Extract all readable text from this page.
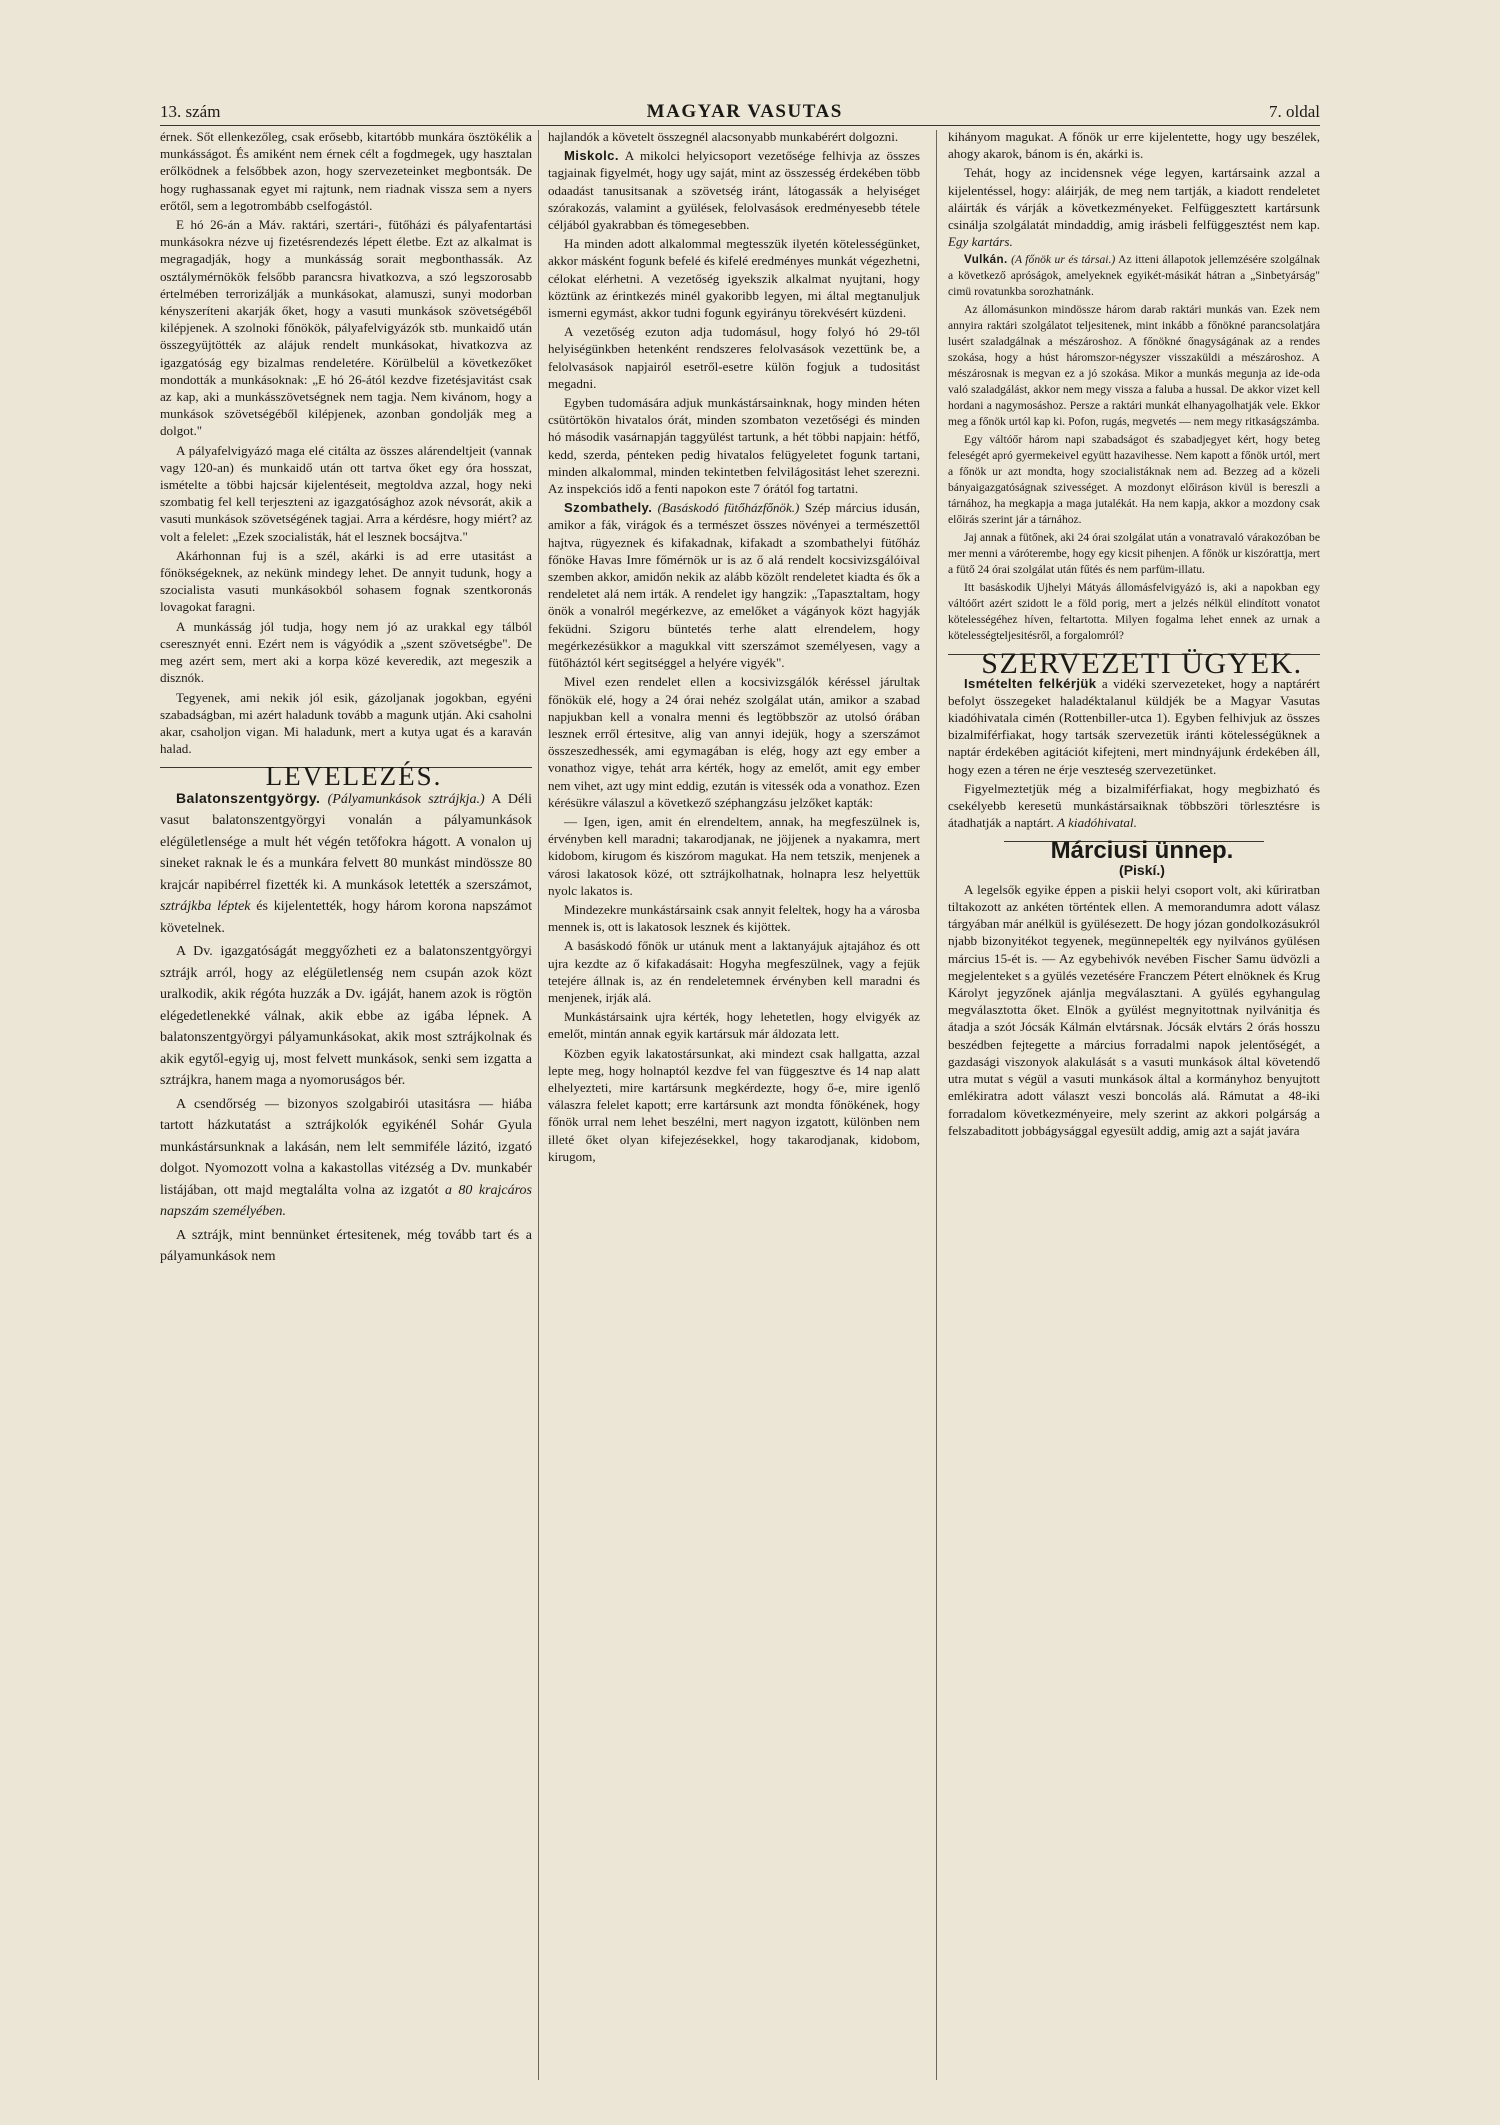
13. szám	MAGYAR VASUTAS	7. oldal

érnek. Sőt ellenkezőleg, csak erősebb, kitartóbb munkára ösztökélik a munkásságot. És amiként nem érnek célt a fogdmegek, ugy hasztalan erőlködnek a felsőbbek azon, hogy szervezeteinket megbontsák. De hogy rughassanak egyet mi rajtunk, nem riadnak vissza sem a nyers erőtől, sem a legotrombább cselfogástól.

E hó 26-án a Máv. raktári, szertári-, fütőházi és pályafentartási munkásokra nézve uj fizetésrendezés lépett életbe. Ezt az alkalmat is megragadják, hogy a munkásság sorait megbonthassák. Az osztálymérnökök felsőbb parancsra hivatkozva, a szó legszorosabb értelmében terrorizálják a munkásokat, alamuszi, sunyi modorban kényszeríteni akarják őket, hogy a vasuti munkások szövetségéből kilépjenek. A szolnoki főnökök, pályafelvigyázók stb. munkaidő után összegyüjtötték az alájuk rendelt munkásokat, hivatkozva az igazgatóság egy bizalmas rendeletére. Körülbelül a következőket mondották a munkásoknak: „E hó 26-ától kezdve fizetésjavitást csak az kap, aki a munkásszövetségnek nem tagja. Nem kivánom, hogy a munkások szövetségéből kilépjenek, azonban gondolják meg a dolgot."

A pályafelvigyázó maga elé citálta az összes alárendeltjeit (vannak vagy 120-an) és munkaidő után ott tartva őket egy óra hosszat, ismételte a többi hajcsár kijelentéseit, megtoldva azzal, hogy neki szombatig fel kell terjeszteni az igazgatósághoz azok névsorát, akik a vasuti munkások szövetségének tagjai. Arra a kérdésre, hogy miért? az volt a felelet: „Ezek szocialisták, hát el lesznek bocsájtva."

Akárhonnan fuj is a szél, akárki is ad erre utasitást a főnökségeknek, az nekünk mindegy lehet. De annyit tudunk, hogy a szocialista vasuti munkásokból sohasem fognak szentkoronás lovagokat faragni.

A munkásság jól tudja, hogy nem jó az urakkal egy tálból cseresznyét enni. Ezért nem is vágyódik a „szent szövetségbe". De meg azért sem, mert aki a korpa közé keveredik, azt megeszik a disznók.

Tegyenek, ami nekik jól esik, gázoljanak jogokban, egyéni szabadságban, mi azért haladunk tovább a magunk utján. Aki csaholni akar, csaholjon vigan. Mi haladunk, mert a kutya ugat és a karaván halad.

LEVELEZÉS.

Balatonszentgyörgy. (Pályamunkások sztrájkja.) A Déli vasut balatonszentgyörgyi vonalán a pályamunkások elégületlensége a mult hét végén tetőfokra hágott. A vonalon uj sineket raknak le és a munkára felvett 80 munkást mindössze 80 krajcár napibérrel fizették ki. A munkások letették a szerszámot, sztrájkba léptek és kijelentették, hogy három korona napszámot követelnek.

A Dv. igazgatóságát meggyőzheti ez a balatonszentgyörgyi sztrájk arról, hogy az elégületlenség nem csupán azok közt uralkodik, akik régóta huzzák a Dv. igáját, hanem azok is rögtön elégedetlenekké válnak, akik ebbe az igába lépnek. A balatonszentgyörgyi pályamunkásokat, akik most sztrájkolnak és akik egytől-egyig uj, most felvett munkások, senki sem izgatta a sztrájkra, hanem maga a nyomoruságos bér.

A csendőrség — bizonyos szolgabirói utasitásra — hiába tartott házkutatást a sztrájkolók egyikénél Sohár Gyula munkástársunknak a lakásán, nem lelt semmiféle lázitó, izgató dolgot. Nyomozott volna a kakastollas vitézség a Dv. munkabér listájában, ott majd megtalálta volna az izgatót a 80 krajcáros napszám személyében.

A sztrájk, mint bennünket értesitenek, még tovább tart és a pályamunkások nem

hajlandók a követelt összegnél alacsonyabb munkabérért dolgozni.

Miskolc. A mikolci helyicsoport vezetősége felhivja az összes tagjainak figyelmét, hogy ugy saját, mint az összesség érdekében több odaadást tanusitsanak a szövetség iránt, látogassák a helyiséget szórakozás, valamint a gyülések, felolvasások eredményesebb tétele céljából gyakrabban és tömegesebben.

Ha minden adott alkalommal megtesszük ilyetén kötelességünket, akkor másként fogunk befelé és kifelé eredményes munkát végezhetni, célokat elérhetni. A vezetőség igyekszik alkalmat nyujtani, hogy köztünk az érintkezés minél gyakoribb legyen, mi által megtanuljuk ismerni egymást, akkor tudni fogunk egyirányu törekvésért küzdeni.

A vezetőség ezuton adja tudomásul, hogy folyó hó 29-től helyiségünkben hetenként rendszeres felolvasások vezettünk be, a felolvasások napjairól esetről-esetre külön fogjuk a tudositást megadni.

Egyben tudomására adjuk munkástársainknak, hogy minden héten csütörtökön hivatalos órát, minden szombaton vezetőségi és minden hó második vasárnapján taggyülést tartunk, a hét többi napjain: hétfő, kedd, szerda, pénteken pedig hivatalos felügyeletet fogunk tartani, minden alkalommal, minden tekintetben felvilágositást lehet szerezni. Az inspekciós idő a fenti napokon este 7 órától fog tartatni.

Szombathely. (Basáskodó fütőházfőnök.) Szép március idusán, amikor a fák, virágok és a természet összes növényei a természettől hajtva, rügyeznek és kifakadnak, kifakadt a szombathelyi fütőház főnöke Havas Imre főmérnök ur is az ő alá rendelt kocsivizsgálóival szemben akkor, amidőn nekik az alább közölt rendeletet kiadta és ők a rendeletet alá nem irták. A rendelet igy hangzik: „Tapasztaltam, hogy önök a vonalról megérkezve, az emelőket a vágányok közt hagyják feküdni. Szigoru büntetés terhe alatt elrendelem, hogy megérkezésükkor a magukkal vitt szerszámot személyesen, vagy a fütőháztól kért segitséggel a helyére vigyék".

Mivel ezen rendelet ellen a kocsivizsgálók kéréssel járultak főnökük elé, hogy a 24 órai nehéz szolgálat után, amikor a szabad napjukban kell a vonalra menni és legtöbbször az utolsó órában lesznek erről értesitve, alig van annyi idejük, hogy a szerszámot összeszedhessék, ami egymagában is elég, hogy azt egy ember a vonathoz vigye, tehát arra kérték, hogy az emelőt, amit egy ember nem vihet, azt ugy mint eddig, ezután is vitessék oda a vonathoz. Ezen kérésükre válaszul a következő széphangzásu jelzőket kapták:

— Igen, igen, amit én elrendeltem, annak, ha megfeszülnek is, érvényben kell maradni; takarodjanak, ne jöjjenek a nyakamra, mert kidobom, kirugom és kiszórom magukat. Ha nem tetszik, menjenek a városi lakatosok közé, ott sztrájkolhatnak, holnapra lesz helyettük nyolc lakatos is.

Mindezekre munkástársaink csak annyit feleltek, hogy ha a városba mennek is, ott is lakatosok lesznek és kijöttek.

A basáskodó főnök ur utánuk ment a laktanyájuk ajtajához és ott ujra kezdte az ő kifakadásait: Hogyha megfeszülnek, vagy a fejük tetejére állnak is, az én rendeletemnek érvényben kell maradni és menjenek, irják alá.

Munkástársaink ujra kérték, hogy lehetetlen, hogy elvigyék az emelőt, mintán annak egyik kartársuk már áldozata lett.

Közben egyik lakatostársunkat, aki mindezt csak hallgatta, azzal lepte meg, hogy holnaptól kezdve fel van függesztve és 14 nap alatt elhelyezteti, mire kartársunk megkérdezte, hogy ő-e, mire igenlő válaszra felelet kapott; erre kartársunk azt mondta főnökének, hogy főnök urral nem lehet beszélni, mert nagyon izgatott, különben nem illeté őket olyan kifejezésekkel, hogy takarodjanak, kidobom, kirugom,

kihányom magukat. A főnök ur erre kijelentette, hogy ugy beszélek, ahogy akarok, bánom is én, akárki is.

Tehát, hogy az incidensnek vége legyen, kartársaink azzal a kijelentéssel, hogy: aláirják, de meg nem tartják, a kiadott rendeletet aláirták és várják a következményeket. Felfüggesztett kartársunk csinálja szolgálatát mindaddig, amig irásbeli felfüggesztést nem kap. Egy kartárs.

Vulkán. (A főnök ur és társai.) Az itteni állapotok jellemzésére szolgálnak a következő apróságok, amelyeknek egyikét-másikát hátran a „Sinbetyárság" cimü rovatunkba sorozhatnánk.

Az állomásunkon mindössze három darab raktári munkás van. Ezek nem annyira raktári szolgálatot teljesitenek, mint inkább a főnökné parancsolatjára lusért szaladgálnak a mészároshoz. A főnökné őnagyságának az a rendes szokása, hogy a húst háromszor-négyszer visszaküldi a mészároshoz. A mészárosnak is megvan ez a jó szokása. Mikor a munkás megunja az ide-oda való szaladgálást, akkor nem megy vissza a faluba a hussal. De akkor vizet kell hordani a nagymosáshoz. Persze a raktári munkát elhanyagolhatják vele. Ekkor meg a főnök urtól kap ki. Pofon, rugás, megvetés — nem megy ritkaságszámba.

Egy váltóőr három napi szabadságot és szabadjegyet kért, hogy beteg feleségét apró gyermekeivel együtt hazavihesse. Nem kapott a főnök urtól, mert a főnök ur azt mondta, hogy szocialistáknak nem ad. Bezzeg ad a közeli bányaigazgatóságnak szivességet. A mozdonyt előiráson kivül is bereszli a tárnához, ha megkapja a maga jutalékát. Ha nem kapja, akkor a mozdony csak előirás szerint jár a tárnához.

Jaj annak a fütőnek, aki 24 órai szolgálat után a vonatravaló várakozóban be mer menni a váróterembe, hogy egy kicsit pihenjen. A főnök ur kiszórattja, mert a fütő 24 órai szolgálat után fűtés és nem parfüm-illatu.

Itt basáskodik Ujhelyi Mátyás állomásfelvigyázó is, aki a napokban egy váltóőrt azért szidott le a föld porig, mert a jelzés nélkül elindított vonatot kötelességéhez híven, feltartotta. Milyen fogalma lehet ennek az urnak a kötelességteljesitésről, a forgalomról?

SZERVEZETI ÜGYEK.

Ismételten felkérjük a vidéki szervezeteket, hogy a naptárért befolyt összegeket haladéktalanul küldjék be a Magyar Vasutas kiadóhivatala cimén (Rottenbiller-utca 1). Egyben felhivjuk az összes bizalmiférfiakat, hogy tartsák szervezetük iránti kötelességüknek a naptár érdekében agitációt kifejteni, mert mindnyájunk érdekében áll, hogy ezen a téren ne érje veszteség szervezetünket.

Figyelmeztetjük még a bizalmiférfiakat, hogy megbizható és csekélyebb keresetü munkástársaiknak többszöri törlesztésre is átadhatják a naptárt. A kiadóhivatal.

Márciusi ünnep.

(Piskí.)

A legelsők egyike éppen a piskii helyi csoport volt, aki kűriratban tiltakozott az ankéten történtek ellen. A memorandumra adott válasz tárgyában már anélkül is gyülésezett. De hogy józan gondolkozásukról njabb bizonyitékot tegyenek, megünnepelték egy nyilvános gyülésen március 15-ét is. — Az egybehivók nevében Fischer Samu üdvözli a megjelenteket s a gyülés vezetésére Franczem Pétert elnöknek és Krug Károlyt jegyzőnek ajánlja megválasztani. A gyülés egyhangulag megválasztotta őket. Elnök a gyülést megnyitottnak nyilvánitja és átadja a szót Jócsák Kálmán elvtársnak. Jócsák elvtárs 2 órás hosszu beszédben fejtegette a március forradalmi napok jelentőségét, a gazdasági viszonyok alakulását s a vasuti munkások által követendő utra mutat s végül a vasuti munkások által a kormányhoz benyujtott emlékiratra adott választ veszi boncolás alá. Rámutat a 48-iki forradalom következményeire, mely szerint az akkori polgárság a felszabaditott jobbágysággal egyesült addig, amig azt a saját javára
